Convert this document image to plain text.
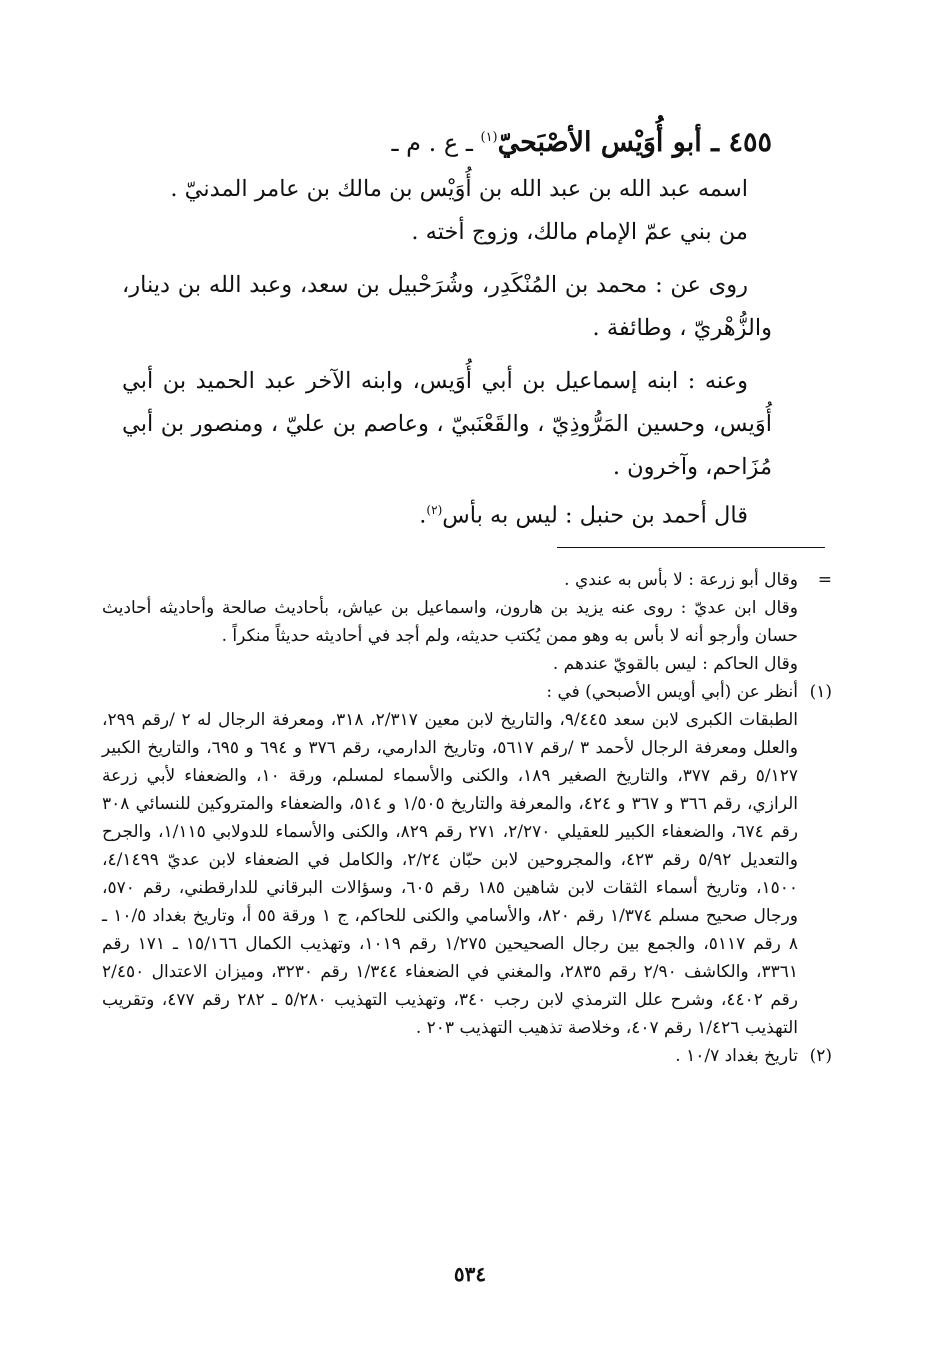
٤٥٥ ـ أبو أُوَيْس الأصْبَحيّ$^{(١)}$ ـ ع . م ـ

اسمه عبد الله بن عبد الله بن أُوَيْس بن مالك بن عامر المدنيّ .

من بني عمّ الإمام مالك، وزوج أخته .

روى عن : محمد بن المُنْكَدِر، وشُرَحْبيل بن سعد، وعبد الله بن دينار، والزُّهْريّ ، وطائفة .

وعنه : ابنه إسماعيل بن أبي أُوَيس، وابنه الآخر عبد الحميد بن أبي أُوَيس، وحسين المَرُّوذِيّ ، والقَعْنَبيّ ، وعاصم بن عليّ ، ومنصور بن أبي مُزَاحم، وآخرون .

قال أحمد بن حنبل : ليس به بأس$^{(٢)}$.

=

وقال أبو زرعة : لا بأس به عندي .

وقال ابن عديّ : روى عنه يزيد بن هارون، واسماعيل بن عياش، بأحاديث صالحة وأحاديثه أحاديث حسان وأرجو أنه لا بأس به وهو ممن يُكتب حديثه، ولم أجد في أحاديثه حديثاً منكراً .

وقال الحاكم : ليس بالقويّ عندهم .

(١)

أنظر عن (أبي أويس الأصبحي) في :

الطبقات الكبرى لابن سعد ٩/٤٤٥، والتاريخ لابن معين ٢/٣١٧، ٣١٨، ومعرفة الرجال له ٢ /رقم ٢٩٩، والعلل ومعرفة الرجال لأحمد ٣ /رقم ٥٦١٧، وتاريخ الدارمي، رقم ٣٧٦ و ٦٩٤ و ٦٩٥، والتاريخ الكبير ٥/١٢٧ رقم ٣٧٧، والتاريخ الصغير ١٨٩، والكنى والأسماء لمسلم، ورقة ١٠، والضعفاء لأبي زرعة الرازي، رقم ٣٦٦ و ٣٦٧ و ٤٢٤، والمعرفة والتاريخ ١/٥٠٥ و ٥١٤، والضعفاء والمتروكين للنسائي ٣٠٨ رقم ٦٧٤، والضعفاء الكبير للعقيلي ٢/٢٧٠، ٢٧١ رقم ٨٢٩، والكنى والأسماء للدولابي ١/١١٥، والجرح والتعديل ٥/٩٢ رقم ٤٢٣، والمجروحين لابن حبّان ٢/٢٤، والكامل في الضعفاء لابن عديّ ٤/١٤٩٩، ١٥٠٠، وتاريخ أسماء الثقات لابن شاهين ١٨٥ رقم ٦٠٥، وسؤالات البرقاني للدارقطني، رقم ٥٧٠، ورجال صحيح مسلم ١/٣٧٤ رقم ٨٢٠، والأسامي والكنى للحاكم، ج ١ ورقة ٥٥ أ، وتاريخ بغداد ١٠/٥ ـ ٨ رقم ٥١١٧، والجمع بين رجال الصحيحين ١/٢٧٥ رقم ١٠١٩، وتهذيب الكمال ١٥/١٦٦ ـ ١٧١ رقم ٣٣٦١، والكاشف ٢/٩٠ رقم ٢٨٣٥، والمغني في الضعفاء ١/٣٤٤ رقم ٣٢٣٠، وميزان الاعتدال ٢/٤٥٠ رقم ٤٤٠٢، وشرح علل الترمذي لابن رجب ٣٤٠، وتهذيب التهذيب ٥/٢٨٠ ـ ٢٨٢ رقم ٤٧٧، وتقريب التهذيب ١/٤٢٦ رقم ٤٠٧، وخلاصة تذهيب التهذيب ٢٠٣ .

(٢)

تاريخ بغداد ١٠/٧ .

٥٣٤
